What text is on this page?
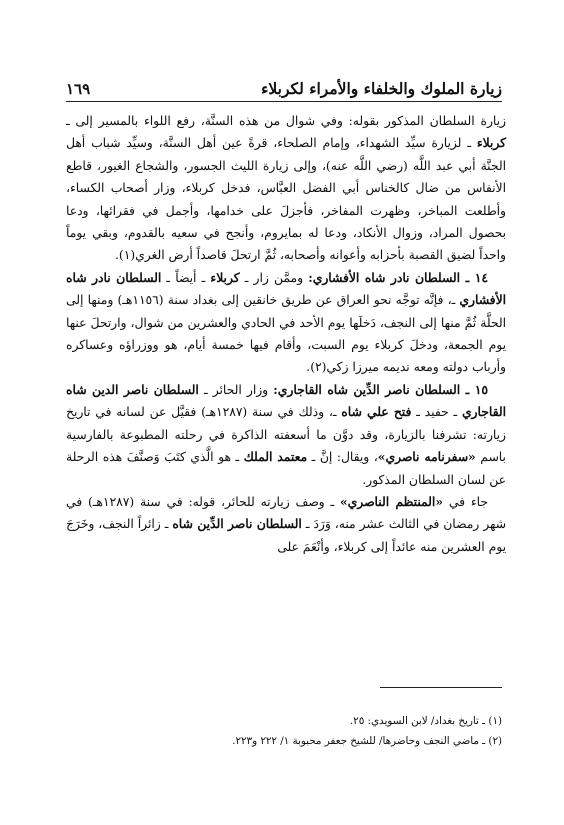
١٦٩	زيارة الملوك والخلفاء والأمراء لكربلاء

زيارة السلطان المذكور بقوله: وفي شوال من هذه السنَّة، رفع اللواء بالمسير إلى ـ كربلاء ـ لزيارة سيِّد الشهداء، وإمام الصلحاء، قرةً عين أهل السنَّة، وسيِّد شباب أهل الجنَّة أبي عبد اللَّه (رضي اللَّه عنه)، وإلى زيارة الليث الجسور، والشجاع الغيور، قاطع الأنفاس من ضال كالخناس أبي الفضل العبَّاس، فدخل كربلاء، وزار أصحاب الكساء، وأطلعت المباخر، وظهرت المفاخر، فأجزلَ على خدامها، وأجمل في فقرائها، ودعا بحصول المراد، وزوال الأنكاد، ودعا له بمايروم، وأنجح في سعيه بالقدوم، وبقي يوماً واحداً لضيق القصبة بأحزابه وأعوانه وأصحابه، ثُمَّ ارتحلَ قاصداً أرض الغري(١).

١٤ ـ السلطان نادر شاه الأفشاري: وممَّن زار ـ كربلاء ـ أيضاً ـ السلطان نادر شاه الأفشاري ـ، فإنَّه توجَّه نحو العراق عن طريق خانقين إلى بغداد سنة (١١٥٦هـ) ومنها إلى الحلَّة ثُمَّ منها إلى النجف، دَخلَها يوم الأحد في الحادي والعشرين من شوال، وارتحلَ عنها يوم الجمعة، ودخلَ كربلاء يوم السبت، وأقام فيها خمسة أيام، هو ووزراؤه وعساكره وأرباب دولته ومعه نديمه ميرزا زكي(٢).

١٥ ـ السلطان ناصر الدِّين شاه القاجاري: وزار الحائر ـ السلطان ناصر الدين شاه القاجاري ـ حفيد ـ فتح علي شاه ـ، وذلك في سنة (١٢٨٧هـ) فقيَّل عن لسانه في تاريخ زيارته: تشرفنا بالزيارة، وقد دوَّن ما أسعفته الذاكرة في رحلته المطبوعة بالفارسية باسم «سفرنامه ناصري»، ويقال: إنَّ ـ معتمد الملك ـ هو الَّذي كتَبَ وَصنَّفَ هذه الرحلة عن لسان السلطان المذكور.

جاء في «المنتظم الناصري» ـ وصف زيارته للحائر، قوله: في سنة (١٢٨٧هـ) في شهر رمضان في الثالث عشر منه، وَرَدَ ـ السلطان ناصر الدِّين شاه ـ زائراً النجف، وخَرَجَ يوم العشرين منه عائداً إلى كربلاء، وأنْعَمَ على

(١) ـ تاريخ بغداد/ لابن السويدي: ٢٥.
(٢) ـ ماضي النجف وحاضرها/ للشيخ جعفر محبوبة ١/ ٢٢٢ و٢٢٣.
